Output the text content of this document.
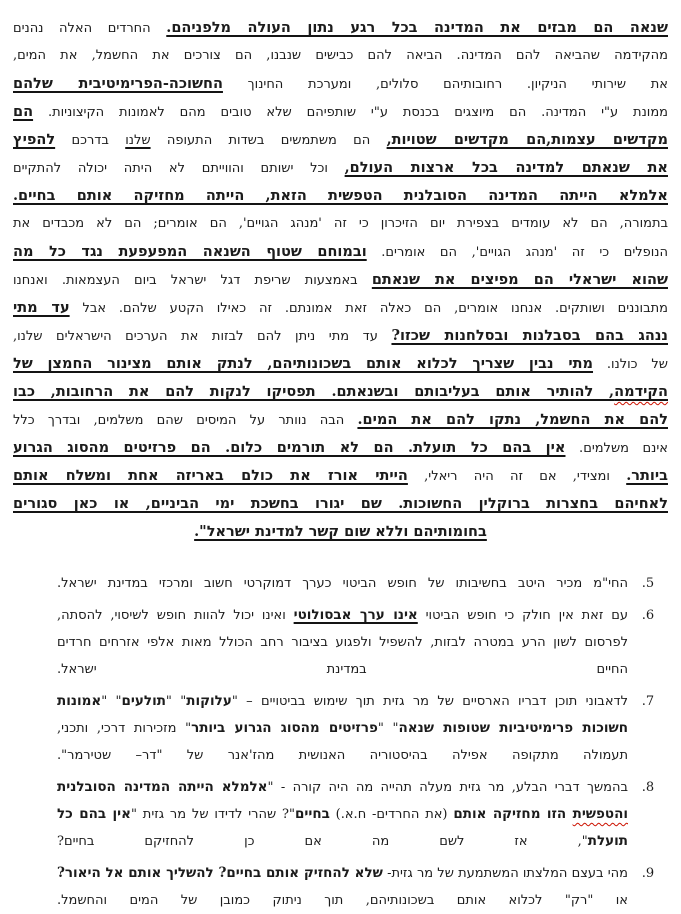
שנאה הם מבזים את המדינה בכל רגע נתון העולה מלפניהם. החרדים האלה נהנים
מהקידמה שהביאה להם המדינה. הביאה להם כבישים שנבנו, הם צורכים את החשמל, את המים,
את שירותי הניקיון. רחובותיהם סלולים, ומערכת החינוך החשוכה-הפרימיטיבית שלהם
ממונת ע"י המדינה. הם מיוצגים בכנסת ע"י שותפיהם שלא טובים מהם לאמונות הקיצוניות. הם
מקדשים עצמות,הם מקדשים שטויות, הם משתמשים בשדות התעופה שלנו בדרכם להפיץ
את שנאתם למדינה בכל ארצות העולם, וכל ישותם והווייתם לא היתה יכולה להתקיים
אלמלא הייתה המדינה הסובלנית הטפשית הזאת, הייתה מחזיקה אותם בחיים.
בתמורה, הם לא עומדים בצפירת יום הזיכרון כי זה 'מנהג הגויים', הם אומרים; הם לא מכבדים את
הנופלים כי זה 'מנהג הגויים', הם אומרים. ובמוחם שטוף השנאה המפעפעת נגד כל מה
שהוא ישראלי הם מפיצים את שנאתם באמצעות שריפת דגל ישראל ביום העצמאות. ואנחנו
מתבוננים ושותקים. אנחנו אומרים, הם כאלה זאת אמונתם. זה כאילו הקטע שלהם. אבל עד מתי
ננהג בהם בסבלנות ובסלחנות שכזו? עד מתי ניתן להם לבזות את הערכים הישראלים שלנו,
של כולנו. מתי נבין שצריך לכלוא אותם בשכונותיהם, לנתק אותם מצינור החמצן של
הקידמה, להותיר אותם בעליבותם ובשנאתם. תפסיקו לנקות להם את הרחובות, כבו
להם את החשמל, נתקו להם את המים. הבה נוותר על המיסים שהם משלמים, ובדרך כלל
אינם משלמים. אין בהם כל תועלת. הם לא תורמים כלום. הם פרזיטים מהסוג הגרוע
ביותר. ומצידי, אם זה היה ריאלי, הייתי אורז את כולם באריזה אחת ומשלח אותם
לאחיהם בחצרות ברוקלין החשוכות. שם יגורו בחשכת ימי הביניים, או כאן סגורים
בחומותיהם וללא שום קשר למדינת ישראל".
5.
החי"מ מכיר היטב בחשיבותו של חופש הביטוי כערך דמוקרטי חשוב ומרכזי במדינת ישראל.
6.
עם זאת אין חולק כי חופש הביטוי אינו ערך אבסולוטי ואינו יכול להוות חופש לשיסוי, להסתה,
לפרסום לשון הרע במטרה לבזות, להשפיל ולפגוע בציבור רחב הכולל מאות אלפי אזרחים חרדים
החיים במדינת ישראל.
7.
לדאבוני תוכן דבריו הארסיים של מר גזית תוך שימוש בביטויים – "עלוקות" "תולעים" "אמונות
חשוכות פרימיטיביות שטופות שנאה" "פרזיטים מהסוג הגרוע ביותר" מזכירות דרכי, ותכני,
תעמולה מתקופה אפילה בהיסטוריה האנושית מהז'אנר של "דר– שטירמר".
8.
בהמשך דברי הבלע, מר גזית מעלה תהייה מה היה קורה - "אלמלא הייתה המדינה הסובלנית
והטפשית הזו מחזיקה אותם (את החרדים- ח.א.) בחיים"? שהרי לדידו של מר גזית "אין בהם כל
תועלת", אז לשם מה אם כן להחזיקם בחיים?
9.
מהי בעצם המלצתו המשתמעת של מר גזית- שלא להחזיק אותם בחיים? להשליך אותם אל היאור?
או "רק" לכלוא אותם בשכונותיהם, תוך ניתוק כמובן של המים והחשמל.
